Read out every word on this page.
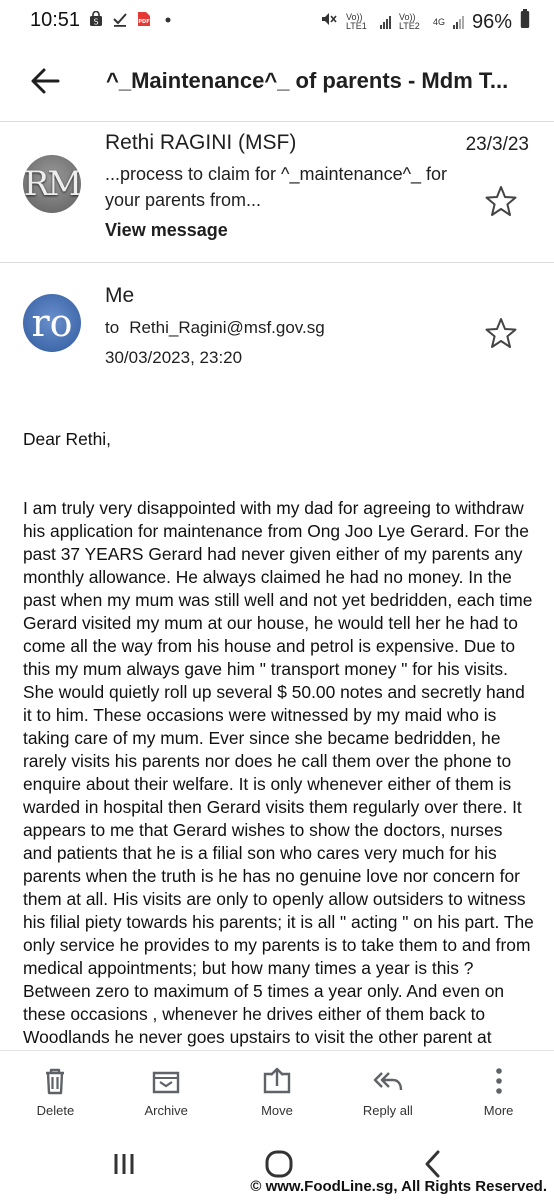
10:51 S	PDF	Vo)) LTE1
Vo)) LTE2	4G 96%
^_Maintenance^_ of parents - Mdm T...
RM
Rethi RAGINI (MSF)	23/3/23
...process to claim for ^_maintenance^_ for your parents from...
View message
ro
Me
to Rethi_Ragini@msf.gov.sg
30/03/2023, 23:20

Dear Rethi,

I am truly very disappointed with my dad for agreeing to withdraw his application for maintenance from Ong Joo Lye Gerard. For the past 37 YEARS Gerard had never given either of my parents any monthly allowance. He always claimed he had no money. In the past when my mum was still well and not yet bedridden, each time Gerard visited my mum at our house, he would tell her he had to come all the way from his house and petrol is expensive. Due to this my mum always gave him " transport money " for his visits. She would quietly roll up several $ 50.00 notes and secretly hand it to him. These occasions were witnessed by my maid who is taking care of my mum. Ever since she became bedridden, he rarely visits his parents nor does he call them over the phone to enquire about their welfare. It is only whenever either of them is warded in hospital then Gerard visits them regularly over there. It appears to me that Gerard wishes to show the doctors, nurses and patients that he is a filial son who cares very much for his parents when the truth is he has no genuine love nor concern for them at all. His visits are only to openly allow outsiders to witness his filial piety towards his parents; it is all " acting " on his part. The only service he provides to my parents is to take them to and from medical appointments; but how many times a year is this ? Between zero to maximum of 5 times a year only. And even on these occasions , whenever he drives either of them back to Woodlands he never goes upstairs to visit the other parent at

Delete	Archive	Move	Reply all	More
© www.FoodLine.sg, All Rights Reserved.
